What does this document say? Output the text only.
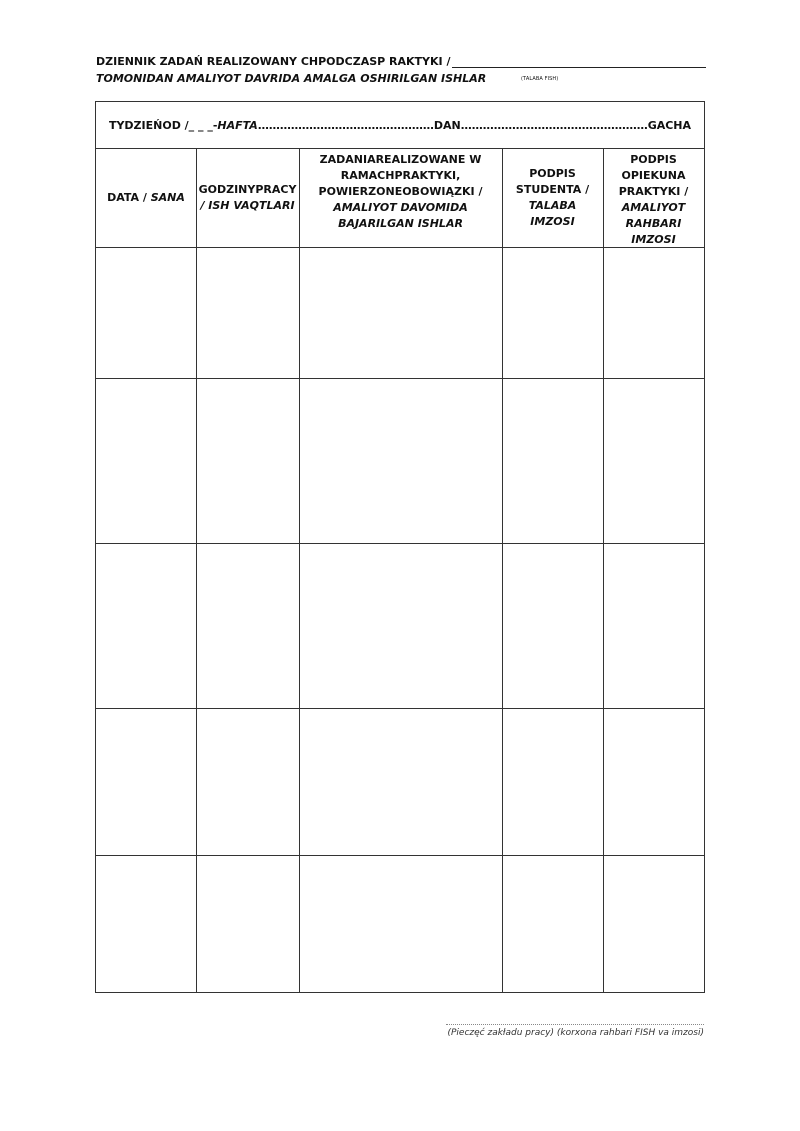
DZIENNIK ZADAŃ REALIZOWANY CHPODCZASP RAKTYKI /
TOMONIDAN AMALIYOT DAVRIDA AMALGA OSHIRILGAN ISHLAR	(TALABA FISH)
TYDZIEŃOD / _ _ _ - HAFTA ………………………………………… DAN …………………………………………… GACHA
DATA / SANA
GODZINYPRACY
/ ISH VAQTLARI
ZADANIAREALIZOWANE W RAMACHPRAKTYKI, POWIERZONEOBOWIĄZKI /
AMALIYOT DAVOMIDA BAJARILGAN ISHLAR
PODPIS STUDENTA /
TALABA IMZOSI
PODPIS OPIEKUNA PRAKTYKI /
AMALIYOT RAHBARI IMZOSI
(Pieczęć zakładu pracy) (korxona rahbari FISH va imzosi)
